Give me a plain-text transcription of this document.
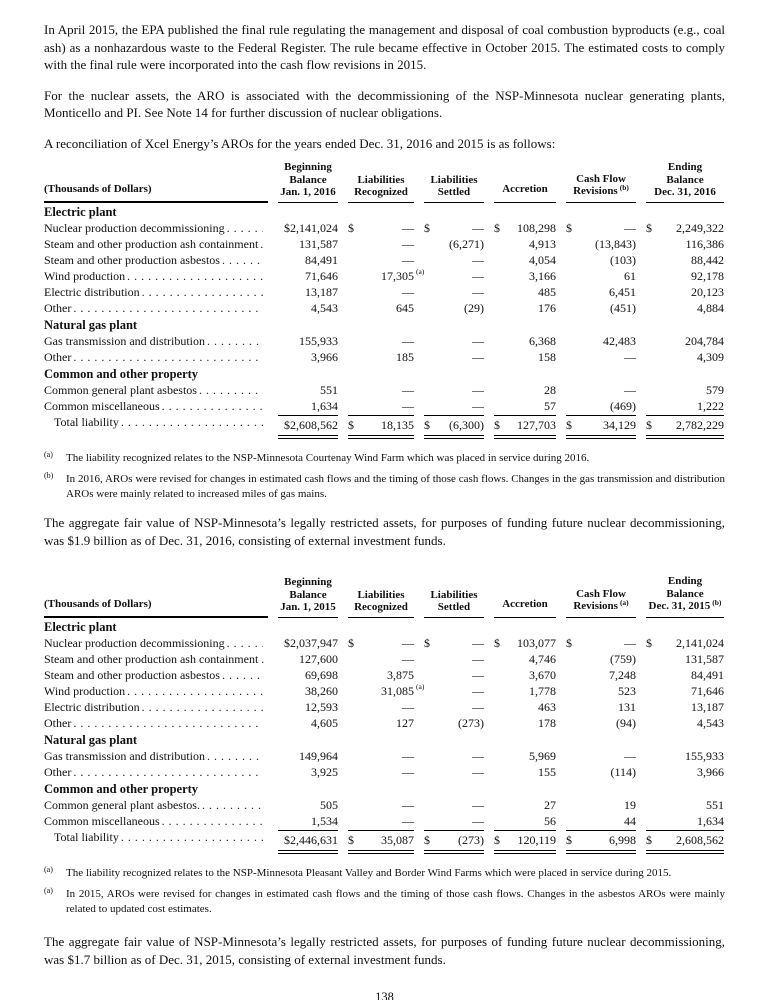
In April 2015, the EPA published the final rule regulating the management and disposal of coal combustion byproducts (e.g., coal ash) as a nonhazardous waste to the Federal Register. The rule became effective in October 2015. The estimated costs to comply with the final rule were incorporated into the cash flow revisions in 2015.

For the nuclear assets, the ARO is associated with the decommissioning of the NSP-Minnesota nuclear generating plants, Monticello and PI. See Note 14 for further discussion of nuclear obligations.

A reconciliation of Xcel Energy’s AROs for the years ended Dec. 31, 2016 and 2015 is as follows:

(Thousands of Dollars)
Beginning
Balance
Jan. 1, 2016
Liabilities
Recognized
Liabilities
Settled	Accretion
Cash Flow
Revisions $^{(b)}$
Ending
Balance
Dec. 31, 2016
Electric plant
Nuclear production decommissioning . . .	$2,141,024 $	— $	— $ 108,298 $	— $ 2,249,322
Steam and other production ash containment . . .	131,587	—	(6,271)	4,913	(13,843)	116,386
Steam and other production asbestos . . .	84,491	—	—	4,054	(103)	88,442
Wind production . . .	71,646	17,305 (a)	—	3,166	61	92,178
Electric distribution . . .	13,187	—	—	485	6,451	20,123
Other . . .	4,543	645	(29)	176	(451)	4,884
Natural gas plant
Gas transmission and distribution . . .	155,933	—	—	6,368	42,483	204,784
Other . . .	3,966	185	—	158	—	4,309
Common and other property
Common general plant asbestos . . .	551	—	—	28	—	579
Common miscellaneous . . .	1,634	—	—	57	(469)	1,222
Total liability . . .	$2,608,562 $ 18,135 $ (6,300) $ 127,703 $	34,129 $ 2,782,229
(a)	The liability recognized relates to the NSP-Minnesota Courtenay Wind Farm which was placed in service during 2016.
(b)	In 2016, AROs were revised for changes in estimated cash flows and the timing of those cash flows. Changes in the gas transmission and distribution AROs were mainly related to increased miles of gas mains.

The aggregate fair value of NSP-Minnesota’s legally restricted assets, for purposes of funding future nuclear decommissioning, was $1.9 billion as of Dec. 31, 2016, consisting of external investment funds.

(Thousands of Dollars)
Beginning
Balance
Jan. 1, 2015
Liabilities
Recognized
Liabilities
Settled	Accretion
Cash Flow
Revisions $^{(a)}$
Ending
Balance
Dec. 31, 2015 $^{(b)}$
Electric plant
Nuclear production decommissioning . . .	$2,037,947 $	— $	— $ 103,077 $	— $ 2,141,024
Steam and other production ash containment .	127,600	—	—	4,746	(759)	131,587
Steam and other production asbestos . . .	69,698	3,875	—	3,670	7,248	84,491
Wind production . . .	38,260	31,085 (a)	—	1,778	523	71,646
Electric distribution . . .	12,593	—	—	463	131	13,187
Other . . .	4,605	127	(273)	178	(94)	4,543
Natural gas plant
Gas transmission and distribution . . .	149,964	—	—	5,969	—	155,933
Other . . .	3,925	—	—	155	(114)	3,966
Common and other property
Common general plant asbestos. . . .	505	—	—	27	19	551
Common miscellaneous . . .	1,534	—	—	56	44	1,634
Total liability . . .	$2,446,631 $ 35,087 $ (273) $ 120,119 $	6,998 $ 2,608,562
(a)	The liability recognized relates to the NSP-Minnesota Pleasant Valley and Border Wind Farms which were placed in service during 2015.
(a)	In 2015, AROs were revised for changes in estimated cash flows and the timing of those cash flows. Changes in the asbestos AROs were mainly related to updated cost estimates.

The aggregate fair value of NSP-Minnesota’s legally restricted assets, for purposes of funding future nuclear decommissioning, was $1.7 billion as of Dec. 31, 2015, consisting of external investment funds.

138
